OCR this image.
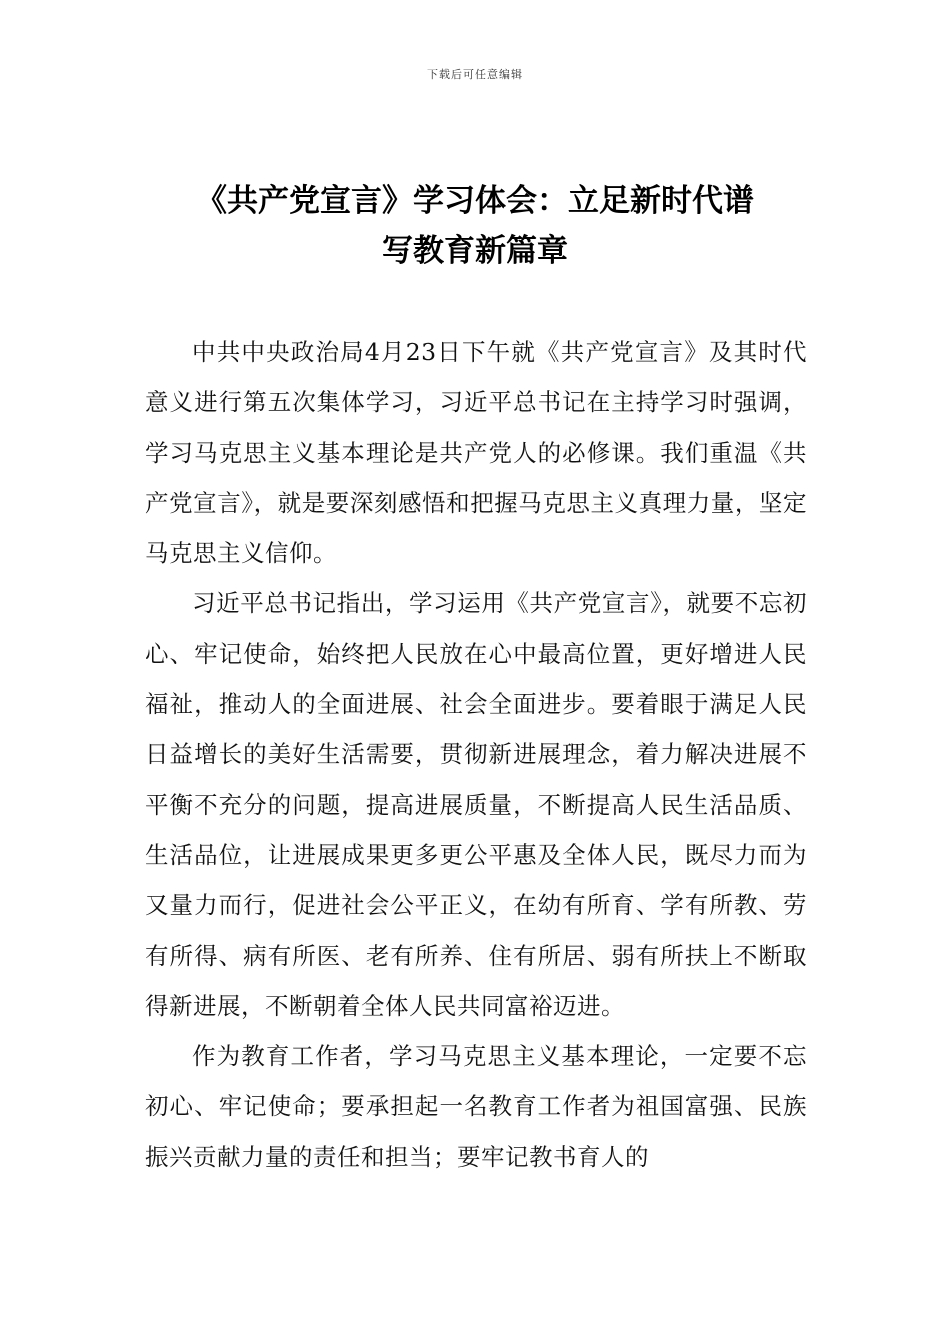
下载后可任意编辑
《共产党宣言》学习体会：立足新时代谱
写教育新篇章

中共中央政治局4月23日下午就《共产党宣言》及其时代意义进行第五次集体学习，习近平总书记在主持学习时强调，学习马克思主义基本理论是共产党人的必修课。我们重温《共产党宣言》，就是要深刻感悟和把握马克思主义真理力量，坚定马克思主义信仰。

习近平总书记指出，学习运用《共产党宣言》，就要不忘初心、牢记使命，始终把人民放在心中最高位置，更好增进人民福祉，推动人的全面进展、社会全面进步。要着眼于满足人民日益增长的美好生活需要，贯彻新进展理念，着力解决进展不平衡不充分的问题，提高进展质量，不断提高人民生活品质、生活品位，让进展成果更多更公平惠及全体人民，既尽力而为又量力而行，促进社会公平正义，在幼有所育、学有所教、劳有所得、病有所医、老有所养、住有所居、弱有所扶上不断取得新进展，不断朝着全体人民共同富裕迈进。

作为教育工作者，学习马克思主义基本理论，一定要不忘初心、牢记使命；要承担起一名教育工作者为祖国富强、民族振兴贡献力量的责任和担当；要牢记教书育人的
